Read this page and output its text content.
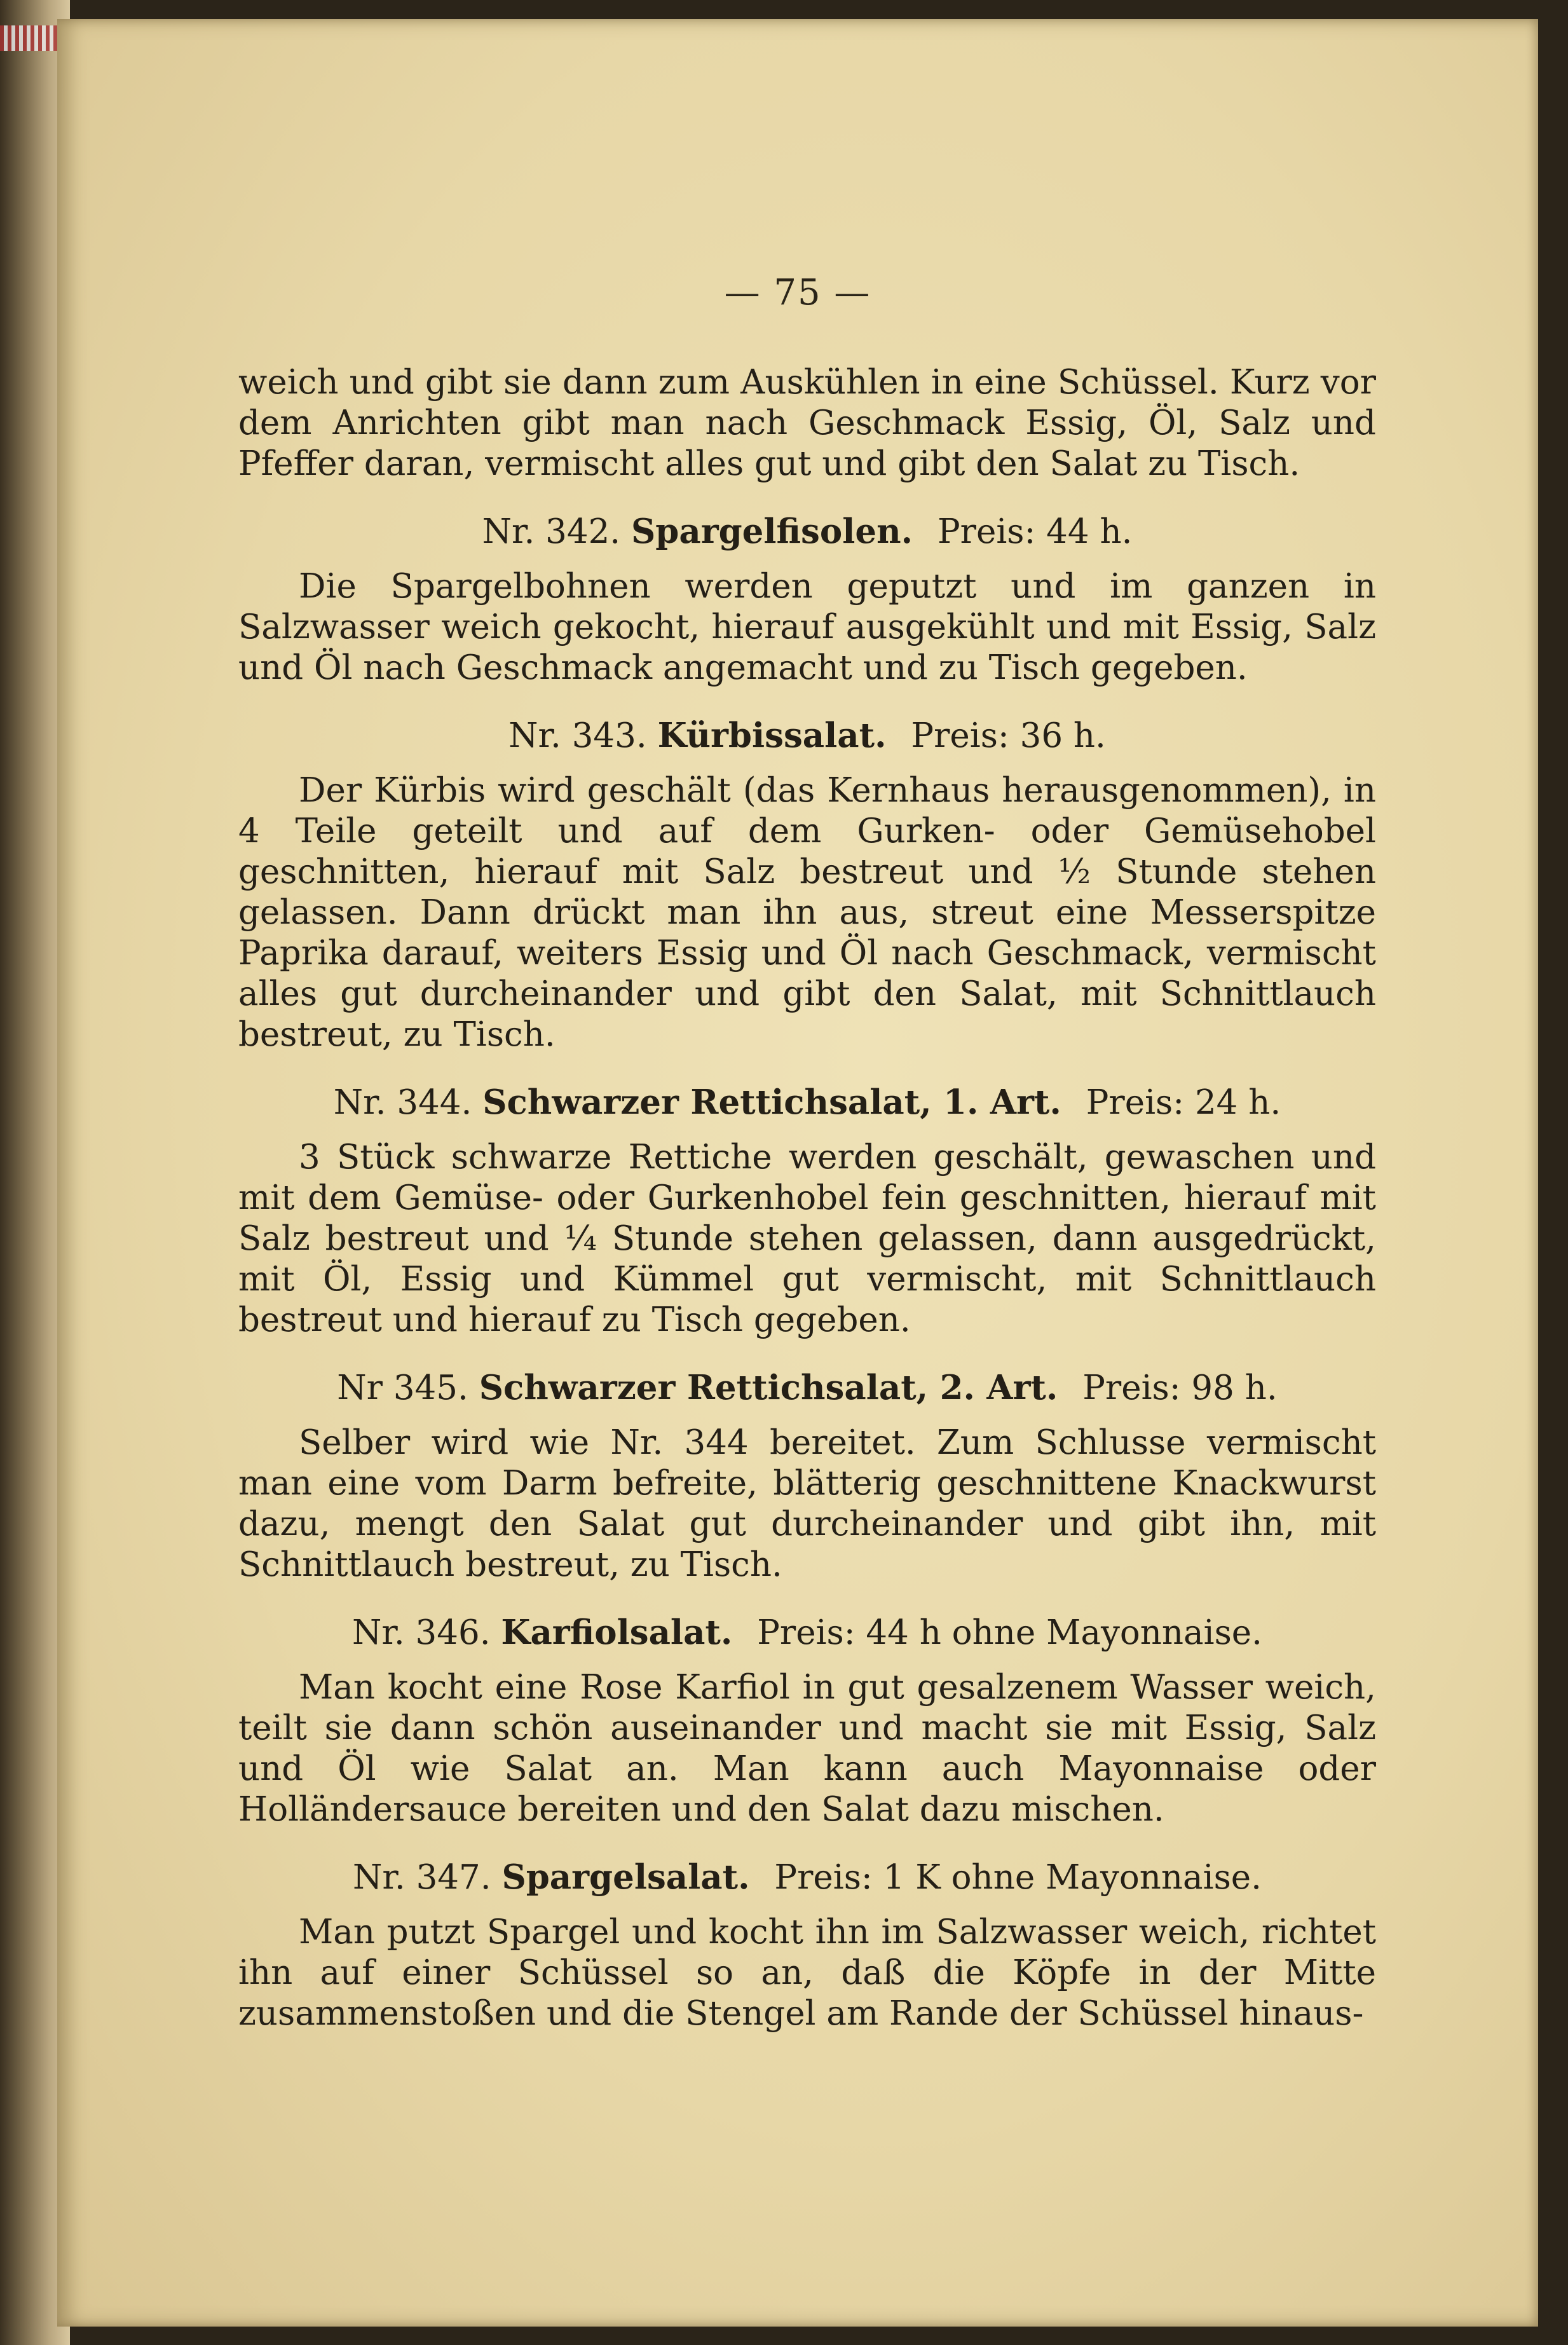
— 75 —

weich und gibt sie dann zum Auskühlen in eine Schüssel. Kurz vor dem Anrichten gibt man nach Geschmack Essig, Öl, Salz und Pfeffer daran, vermischt alles gut und gibt den Salat zu Tisch.

Nr. 342. Spargelfisolen. Preis: 44 h.

Die Spargelbohnen werden geputzt und im ganzen in Salzwasser weich gekocht, hierauf ausgekühlt und mit Essig, Salz und Öl nach Geschmack angemacht und zu Tisch gegeben.

Nr. 343. Kürbissalat. Preis: 36 h.

Der Kürbis wird geschält (das Kernhaus herausgenommen), in 4 Teile geteilt und auf dem Gurken- oder Gemüsehobel geschnitten, hierauf mit Salz bestreut und ½ Stunde stehen gelassen. Dann drückt man ihn aus, streut eine Messerspitze Paprika darauf, weiters Essig und Öl nach Geschmack, vermischt alles gut durcheinander und gibt den Salat, mit Schnittlauch bestreut, zu Tisch.

Nr. 344. Schwarzer Rettichsalat, 1. Art. Preis: 24 h.

3 Stück schwarze Rettiche werden geschält, gewaschen und mit dem Gemüse- oder Gurkenhobel fein geschnitten, hierauf mit Salz bestreut und ¼ Stunde stehen gelassen, dann ausgedrückt, mit Öl, Essig und Kümmel gut vermischt, mit Schnittlauch bestreut und hierauf zu Tisch gegeben.

Nr 345. Schwarzer Rettichsalat, 2. Art. Preis: 98 h.

Selber wird wie Nr. 344 bereitet. Zum Schlusse vermischt man eine vom Darm befreite, blätterig geschnittene Knackwurst dazu, mengt den Salat gut durcheinander und gibt ihn, mit Schnittlauch bestreut, zu Tisch.

Nr. 346. Karfiolsalat. Preis: 44 h ohne Mayonnaise.

Man kocht eine Rose Karfiol in gut gesalzenem Wasser weich, teilt sie dann schön auseinander und macht sie mit Essig, Salz und Öl wie Salat an. Man kann auch Mayonnaise oder Holländersauce bereiten und den Salat dazu mischen.

Nr. 347. Spargelsalat. Preis: 1 K ohne Mayonnaise.

Man putzt Spargel und kocht ihn im Salzwasser weich, richtet ihn auf einer Schüssel so an, daß die Köpfe in der Mitte zusammenstoßen und die Stengel am Rande der Schüssel hinaus-
